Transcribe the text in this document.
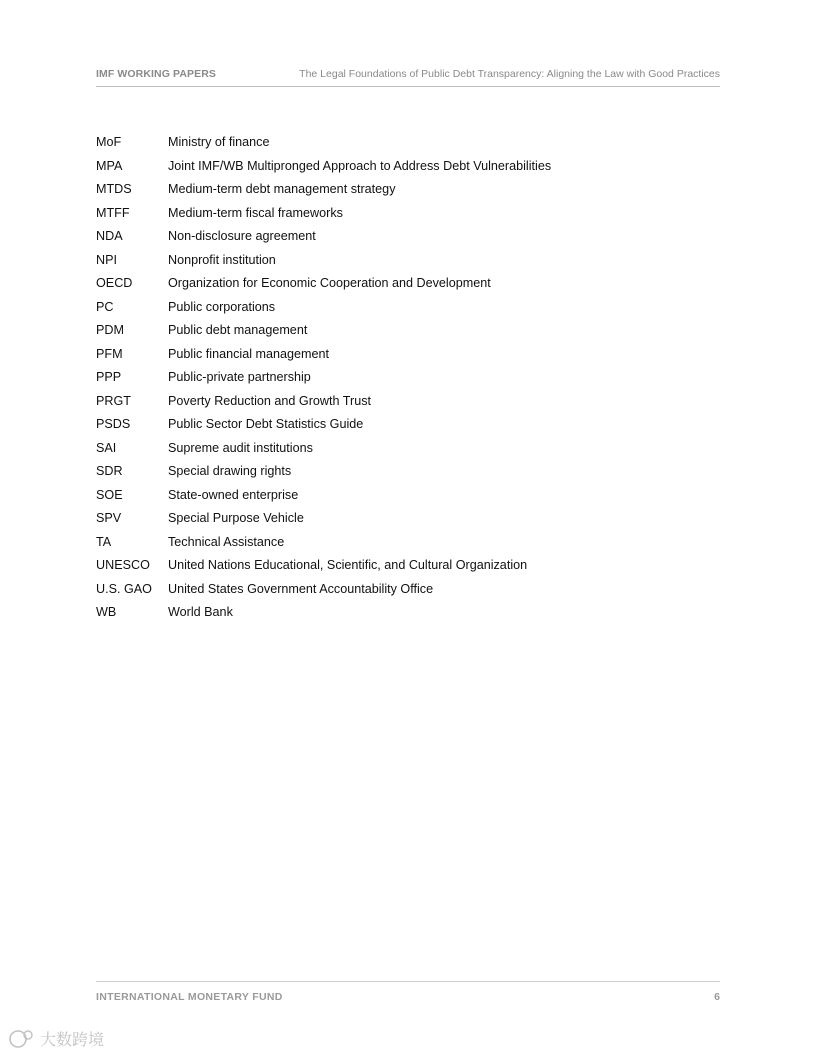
IMF WORKING PAPERS	The Legal Foundations of Public Debt Transparency: Aligning the Law with Good Practices
MoF	Ministry of finance
MPA	Joint IMF/WB Multipronged Approach to Address Debt Vulnerabilities
MTDS	Medium-term debt management strategy
MTFF	Medium-term fiscal frameworks
NDA	Non-disclosure agreement
NPI	Nonprofit institution
OECD	Organization for Economic Cooperation and Development
PC	Public corporations
PDM	Public debt management
PFM	Public financial management
PPP	Public-private partnership
PRGT	Poverty Reduction and Growth Trust
PSDS	Public Sector Debt Statistics Guide
SAI	Supreme audit institutions
SDR	Special drawing rights
SOE	State-owned enterprise
SPV	Special Purpose Vehicle
TA	Technical Assistance
UNESCO	United Nations Educational, Scientific, and Cultural Organization
U.S. GAO	United States Government Accountability Office
WB	World Bank
INTERNATIONAL MONETARY FUND	6
大数跨境
